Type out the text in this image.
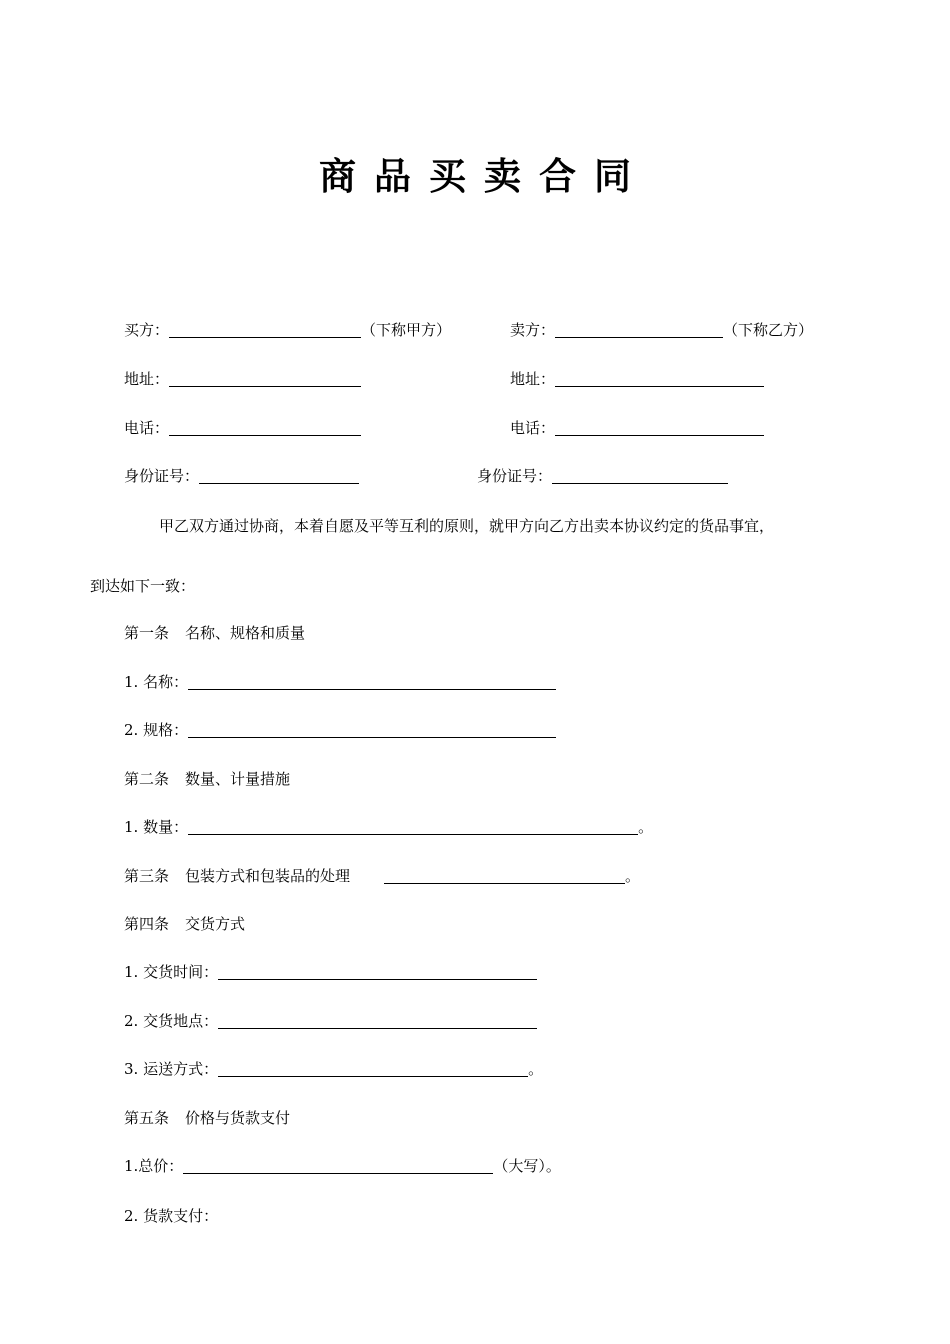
商品买卖合同
买方：	（下称甲方）	卖方：	（下称乙方）
地址：	地址：
电话：	电话：
身份证号：	身份证号：
甲乙双方通过协商，本着自愿及平等互利的原则，就甲方向乙方出卖本协议约定的货品事宜，
到达如下一致：
第一条 名称、规格和质量
1. 名称：
2. 规格：
第二条 数量、计量措施
1. 数量：	。
第三条 包装方式和包装品的处理	。
第四条 交货方式
1. 交货时间：
2. 交货地点：
3. 运送方式：	。
第五条 价格与货款支付
1.总价：	（大写）。
2. 货款支付：
